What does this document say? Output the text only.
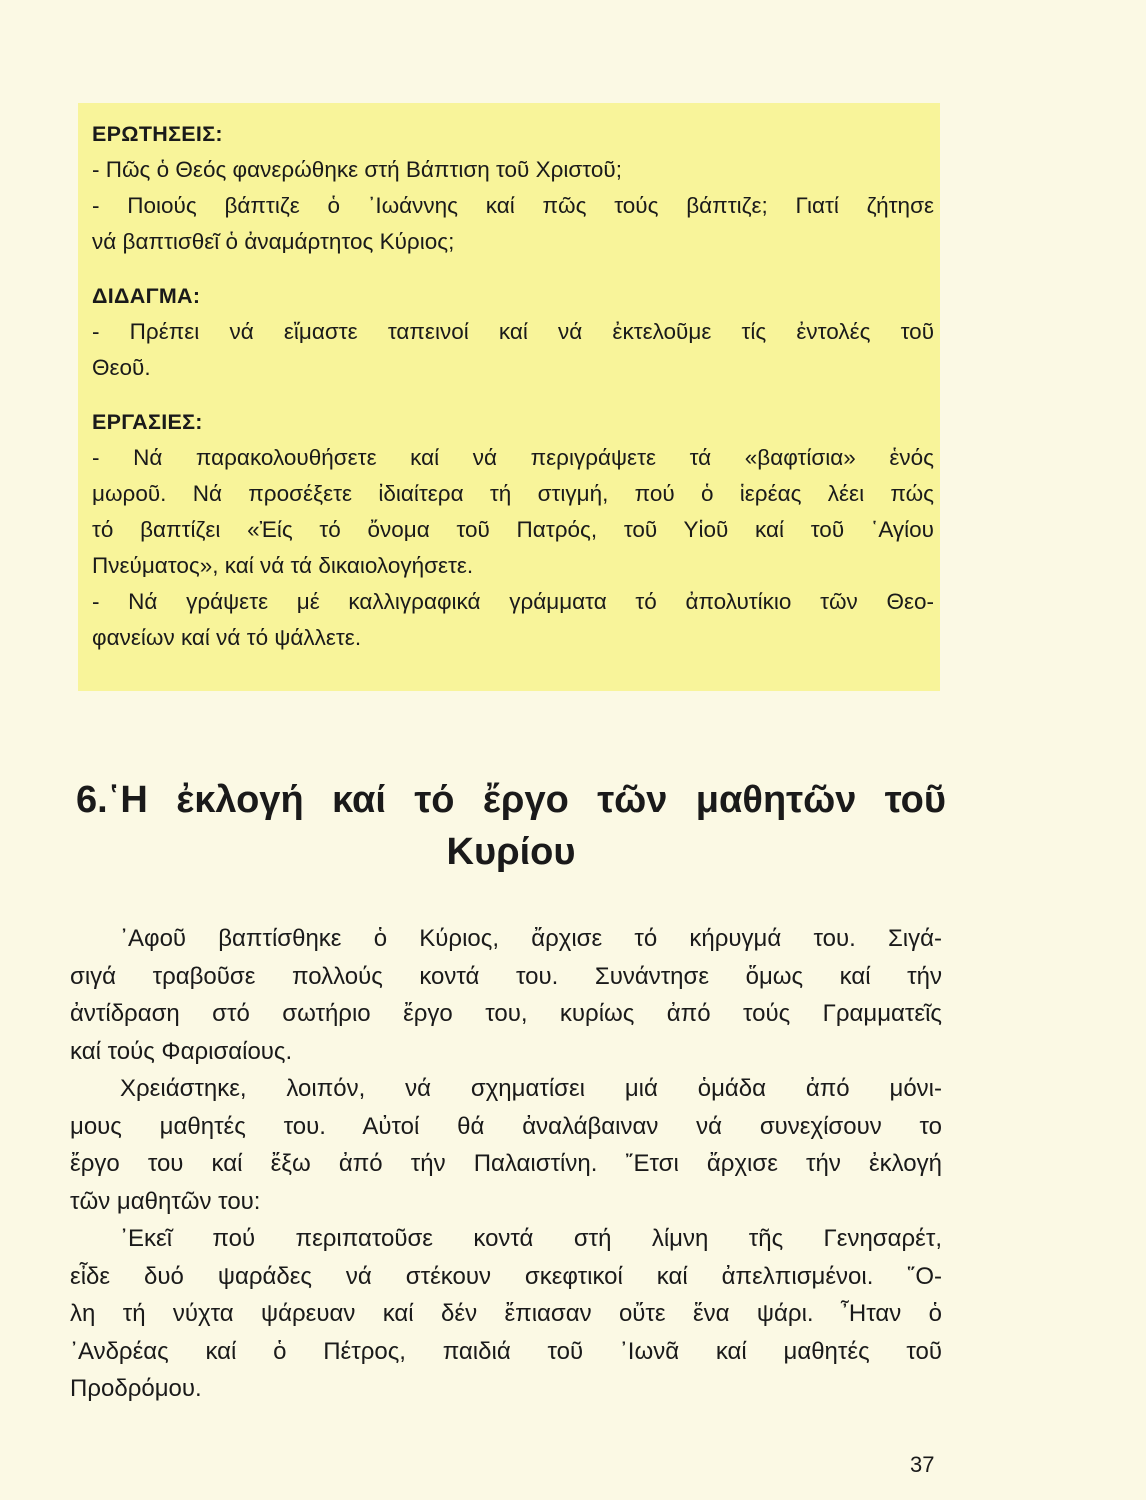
ΕΡΩΤΗΣΕΙΣ:
- Πῶς ὁ Θεός φανερώθηκε στή Βάπτιση τοῦ Χριστοῦ;
- Ποιούς βάπτιζε ὁ ᾿Ιωάννης καί πῶς τούς βάπτιζε; Γιατί ζήτησε
νά βαπτισθεῖ ὁ ἀναμάρτητος Κύριος;
ΔΙΔΑΓΜΑ:
- Πρέπει νά εἴμαστε ταπεινοί καί νά ἐκτελοῦμε τίς ἐντολές τοῦ
Θεοῦ.
ΕΡΓΑΣΙΕΣ:
- Νά παρακολουθήσετε καί νά περιγράψετε τά «βαφτίσια» ἑνός
μωροῦ. Νά προσέξετε ἰδιαίτερα τή στιγμή, πού ὁ ἱερέας λέει πώς
τό βαπτίζει «Ἐίς τό ὄνομα τοῦ Πατρός, τοῦ Υἱοῦ καί τοῦ ῾Αγίου
Πνεύματος», καί νά τά δικαιολογήσετε.
- Νά γράψετε μέ καλλιγραφικά γράμματα τό ἀπολυτίκιο τῶν Θεο-
φανείων καί νά τό ψάλλετε.
6.῾Η ἐκλογή καί τό ἔργο τῶν μαθητῶν τοῦ
Κυρίου
᾿Αφοῦ βαπτίσθηκε ὁ Κύριος, ἄρχισε τό κήρυγμά του. Σιγά-
σιγά τραβοῦσε πολλούς κοντά του. Συνάντησε ὅμως καί τήν
ἀντίδραση στό σωτήριο ἔργο του, κυρίως ἀπό τούς Γραμματεῖς
καί τούς Φαρισαίους.
Χρειάστηκε, λοιπόν, νά σχηματίσει μιά ὁμάδα ἀπό μόνι-
μους μαθητές του. Αὐτοί θά ἀναλάβαιναν νά συνεχίσουν το
ἔργο του καί ἔξω ἀπό τήν Παλαιστίνη. ῎Ετσι ἄρχισε τήν ἐκλογή
τῶν μαθητῶν του:
᾿Εκεῖ πού περιπατοῦσε κοντά στή λίμνη τῆς Γενησαρέτ,
εἶδε δυό ψαράδες νά στέκουν σκεφτικοί καί ἀπελπισμένοι. ῞Ο-
λη τή νύχτα ψάρευαν καί δέν ἔπιασαν οὔτε ἕνα ψάρι. ῏Ηταν ὁ
᾿Ανδρέας καί ὁ Πέτρος, παιδιά τοῦ ᾿Ιωνᾶ καί μαθητές τοῦ
Προδρόμου.
37
